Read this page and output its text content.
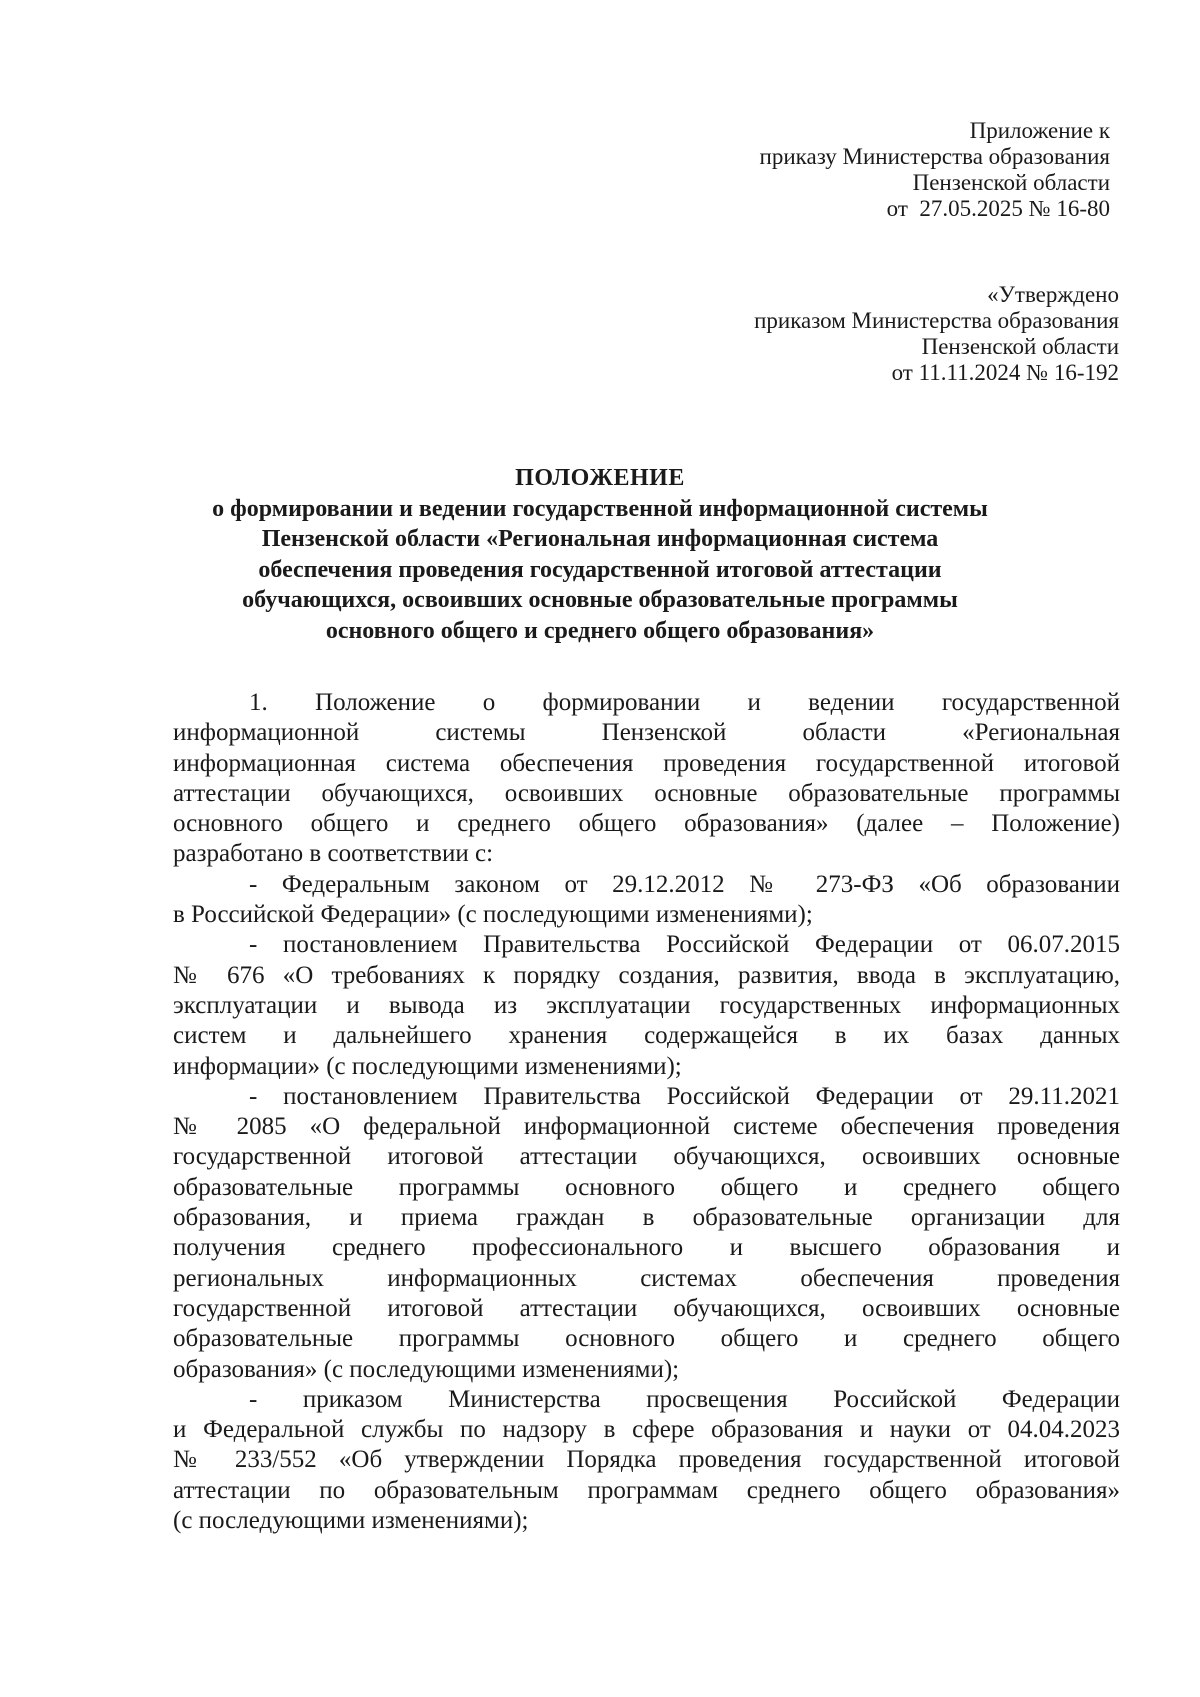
Приложение к
приказу Министерства образования
Пензенской области
от  27.05.2025 № 16-80
«Утверждено
приказом Министерства образования
Пензенской области
от 11.11.2024 № 16-192
ПОЛОЖЕНИЕ
о формировании и ведении государственной информационной системы
Пензенской области «Региональная информационная система
обеспечения проведения государственной итоговой аттестации
обучающихся, освоивших основные образовательные программы
основного общего и среднего общего образования»
1. Положение о формировании и ведении государственной
информационной системы Пензенской области «Региональная
информационная система обеспечения проведения государственной итоговой
аттестации обучающихся, освоивших основные образовательные программы
основного общего и среднего общего образования» (далее – Положение)
разработано в соответствии с:
- Федеральным законом от 29.12.2012 № 273-ФЗ «Об образовании
в Российской Федерации» (с последующими изменениями);
- постановлением Правительства Российской Федерации от 06.07.2015
№ 676 «О требованиях к порядку создания, развития, ввода в эксплуатацию,
эксплуатации и вывода из эксплуатации государственных информационных
систем и дальнейшего хранения содержащейся в их базах данных
информации» (с последующими изменениями);
- постановлением Правительства Российской Федерации от 29.11.2021
№ 2085 «О федеральной информационной системе обеспечения проведения
государственной итоговой аттестации обучающихся, освоивших основные
образовательные программы основного общего и среднего общего
образования, и приема граждан в образовательные организации для
получения среднего профессионального и высшего образования и
региональных информационных системах обеспечения проведения
государственной итоговой аттестации обучающихся, освоивших основные
образовательные программы основного общего и среднего общего
образования» (с последующими изменениями);
- приказом Министерства просвещения Российской Федерации
и Федеральной службы по надзору в сфере образования и науки от 04.04.2023
№ 233/552 «Об утверждении Порядка проведения государственной итоговой
аттестации по образовательным программам среднего общего образования»
(с последующими изменениями);
